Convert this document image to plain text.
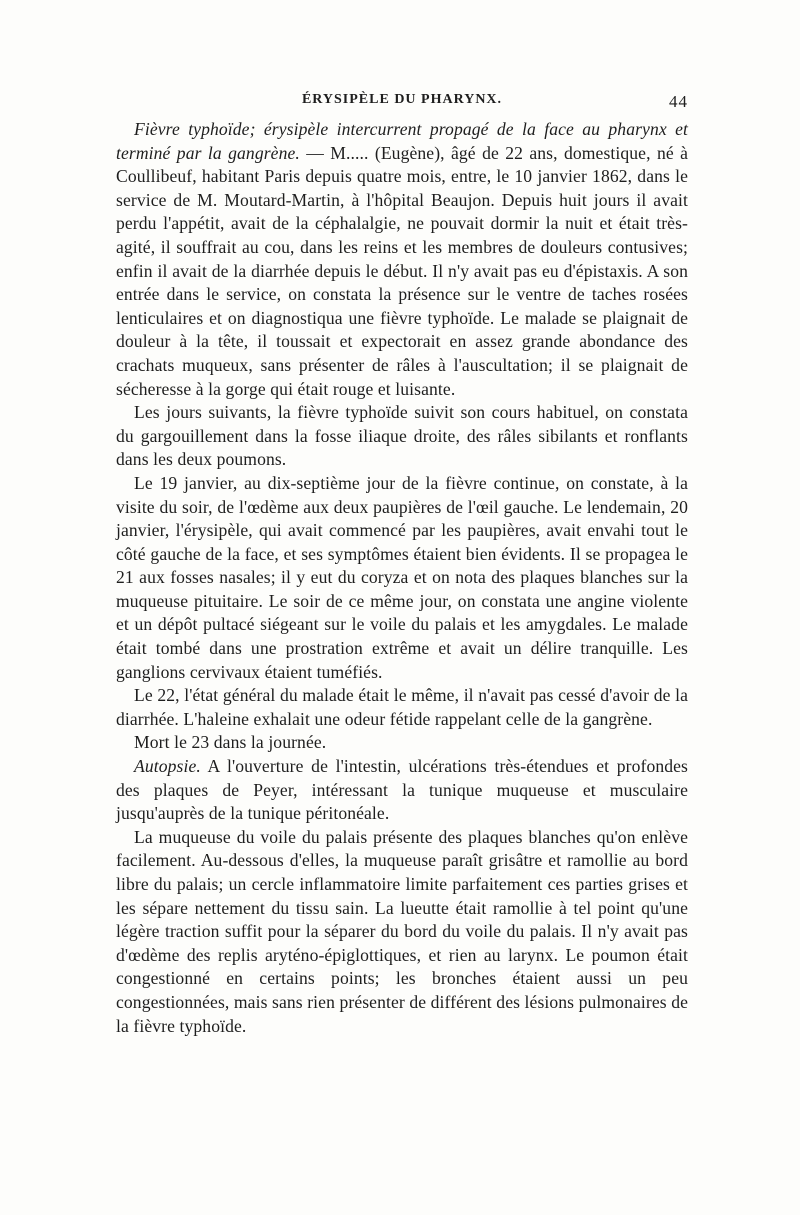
ÉRYSIPÈLE DU PHARYNX.	44

Fièvre typhoïde; érysipèle intercurrent propagé de la face au pharynx et terminé par la gangrène. — M..... (Eugène), âgé de 22 ans, domestique, né à Coullibeuf, habitant Paris depuis quatre mois, entre, le 10 janvier 1862, dans le service de M. Moutard-Martin, à l'hôpital Beaujon. Depuis huit jours il avait perdu l'appétit, avait de la céphalalgie, ne pouvait dormir la nuit et était très-agité, il souffrait au cou, dans les reins et les membres de douleurs contusives; enfin il avait de la diarrhée depuis le début. Il n'y avait pas eu d'épistaxis. A son entrée dans le service, on constata la présence sur le ventre de taches rosées lenticulaires et on diagnostiqua une fièvre typhoïde. Le malade se plaignait de douleur à la tête, il toussait et expectorait en assez grande abondance des crachats muqueux, sans présenter de râles à l'auscultation; il se plaignait de sécheresse à la gorge qui était rouge et luisante.

Les jours suivants, la fièvre typhoïde suivit son cours habituel, on constata du gargouillement dans la fosse iliaque droite, des râles sibilants et ronflants dans les deux poumons.

Le 19 janvier, au dix-septième jour de la fièvre continue, on constate, à la visite du soir, de l'œdème aux deux paupières de l'œil gauche. Le lendemain, 20 janvier, l'érysipèle, qui avait commencé par les paupières, avait envahi tout le côté gauche de la face, et ses symptômes étaient bien évidents. Il se propagea le 21 aux fosses nasales; il y eut du coryza et on nota des plaques blanches sur la muqueuse pituitaire. Le soir de ce même jour, on constata une angine violente et un dépôt pultacé siégeant sur le voile du palais et les amygdales. Le malade était tombé dans une prostration extrême et avait un délire tranquille. Les ganglions cervivaux étaient tuméfiés.

Le 22, l'état général du malade était le même, il n'avait pas cessé d'avoir de la diarrhée. L'haleine exhalait une odeur fétide rappelant celle de la gangrène.

Mort le 23 dans la journée.

Autopsie. A l'ouverture de l'intestin, ulcérations très-étendues et profondes des plaques de Peyer, intéressant la tunique muqueuse et musculaire jusqu'auprès de la tunique péritonéale.

La muqueuse du voile du palais présente des plaques blanches qu'on enlève facilement. Au-dessous d'elles, la muqueuse paraît grisâtre et ramollie au bord libre du palais; un cercle inflammatoire limite parfaitement ces parties grises et les sépare nettement du tissu sain. La lueutte était ramollie à tel point qu'une légère traction suffit pour la séparer du bord du voile du palais. Il n'y avait pas d'œdème des replis aryténo-épiglottiques, et rien au larynx. Le poumon était congestionné en certains points; les bronches étaient aussi un peu congestionnées, mais sans rien présenter de différent des lésions pulmonaires de la fièvre typhoïde.
